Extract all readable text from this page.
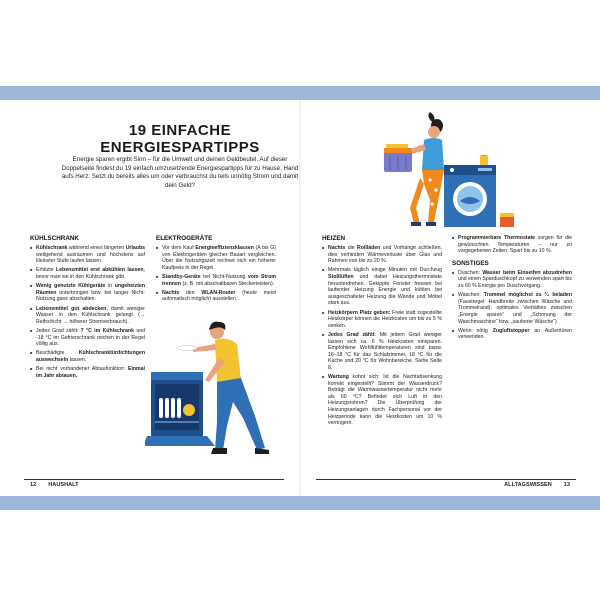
19 EINFACHE
ENERGIESPARTIPPS
Energie sparen ergibt Sinn – für die Umwelt und deinen Geldbeutel. Auf dieser Doppelseite findest du 19 einfach umzusetzende Energiespartipps für zu Hause. Hand aufs Herz: Setzt du bereits alles um oder verbrauchst du teils unnötig Strom und damit dein Geld?
KÜHLSCHRANK
■ Kühlschrank während eines längeren Urlaubs weitgehend ausräumen und höchstens auf kleinster Stufe laufen lassen.
■ Erhitzte Lebensmittel erst abkühlen lassen, bevor man sie in den Kühlschrank gibt.
■ Wenig genutzte Kühlgeräte in ungeheizten Räumen unterbringen bzw. bei langer Nicht-Nutzung ganz abschalten.
■ Lebensmittel gut abdecken, damit weniger Wasser in den Kühlschrank gelangt (→ Reifschicht → höherer Stromverbrauch).
■ Jedes Grad zählt: 7 °C im Kühlschrank und -18 °C im Gefrierschrank reichen in der Regel völlig aus.
■ Beschädigte Kühlschranktürdichtungen auswechseln lassen.
■ Bei nicht vorhandener Abtaufunktion: Einmal im Jahr abtauen.
ELEKTROGERÄTE
■ Vor dem Kauf Energieeffizienzklassen (A bis G) von Elektrogeräten gleicher Bauart vergleichen. Über die Nutzungszeit rechnet sich ein höherer Kaufpreis in der Regel.
■ Standby-Geräte bei Nicht-Nutzung vom Strom trennen (z. B. mit abschaltbaren Steckerleisten).
■ Nachts den WLAN-Router (heute meist automatisch möglich) ausstellen.
HEIZEN
■ Nachts die Rollläden und Vorhänge schließen, dies verhindert Wärmeverluste über Glas und Rahmen von bis zu 20 %.
■ Mehrmals täglich einige Minuten mit Durchzug Stoßlüften und dabei Heizungsthermostate herunterdrehen. Gekippte Fenster fressen bei laufender Heizung Energie und kühlen bei ausgeschalteter Heizung die Wände und Möbel stark aus.
■ Heizkörpern Platz geben: Freie statt zugestellte Heizkörper können die Heizkosten um bis zu 5 % senken.
■ Jedes Grad zählt: Mit jedem Grad weniger lassen sich ca. 6 % Heizkosten einsparen. Empfohlene Wohlfühltemperaturen sind bspw. 16–18 °C für das Schlafzimmer, 18 °C für die Küche und 20 °C für Wohnbereiche. Siehe Seite 8.
■ Wartung kohnt sich: Ist die Nachtabsenkung korrekt eingestellt? Stimmt der Wasserdruck? Beträgt die Warmwassertemperatur nicht mehr als 60 °C? Befindet sich Luft in den Heizungsrohren? Die Überprüfung der Heizungsanlagen durch Fachpersonal vor der Heizperiode kann die Heizkosten um 10 % verringern.
■ Programmierbare Thermostate sorgen für die gewünschten Temperaturen – nur zu vorgegebenen Zeiten. Spart bis zu 10 %.
SONSTIGES
■ Duschen: Wasser beim Einseifen abzudrehen und einen Sparduschkopf zu verwenden spart bis zu 60 % Energie pro Duschvorgang.
■ Waschen: Trommel möglichst zu ³⁄₄ beladen (Faustregel: Handbreite zwischen Wäsche und Trommelrand); optimales Verhältnis zwischen „Energie sparen“ und „Schonung der Waschmaschine“ bzw. „sauberer Wäsche“)
■ Wenn nötig Zugluftstopper an Außentüren verwenden.
12 HAUSHALT	ALLTAGSWISSEN 13
